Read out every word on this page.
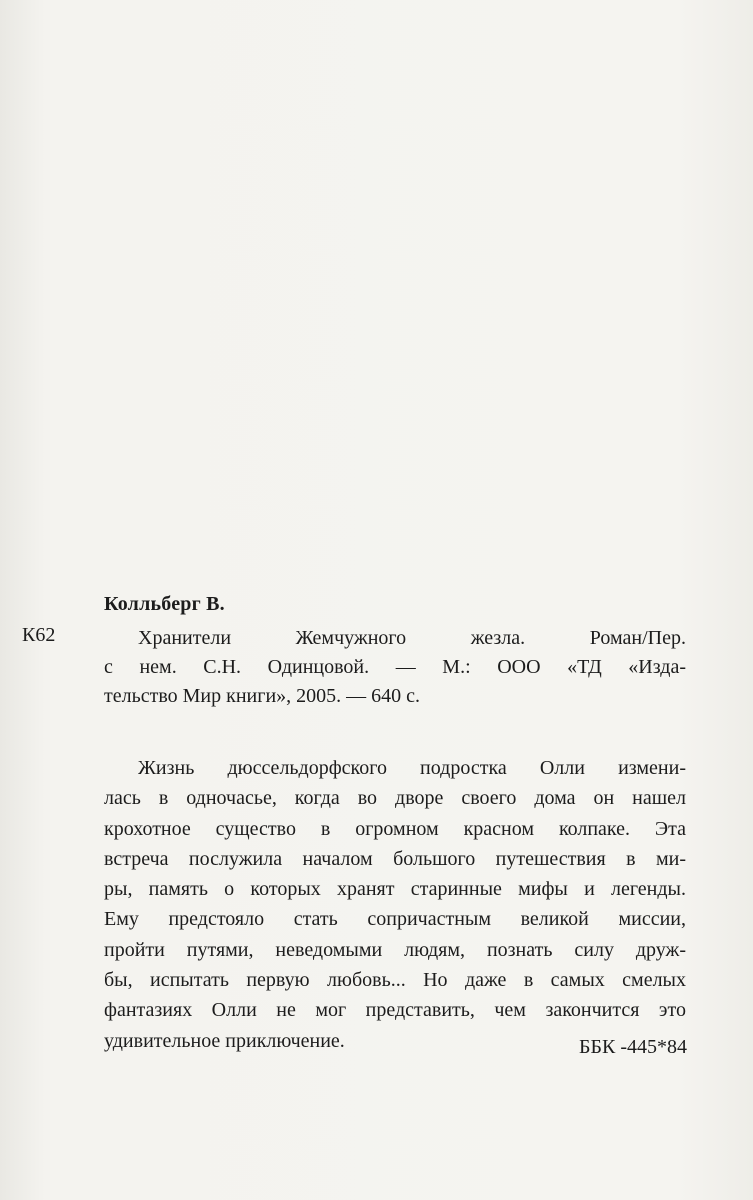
Колльберг В.
К62	Хранители Жемчужного жезла. Роман/Пер.
с нем. С.Н. Одинцовой. — М.: ООО «ТД «Изда-
тельство Мир книги», 2005. — 640 с.
Жизнь дюссельдорфского подростка Олли измени-
лась в одночасье, когда во дворе своего дома он нашел
крохотное существо в огромном красном колпаке. Эта
встреча послужила началом большого путешествия в ми-
ры, память о которых хранят старинные мифы и легенды.
Ему предстояло стать сопричастным великой миссии,
пройти путями, неведомыми людям, познать силу друж-
бы, испытать первую любовь... Но даже в самых смелых
фантазиях Олли не мог представить, чем закончится это
удивительное приключение.	ББК -445*84
